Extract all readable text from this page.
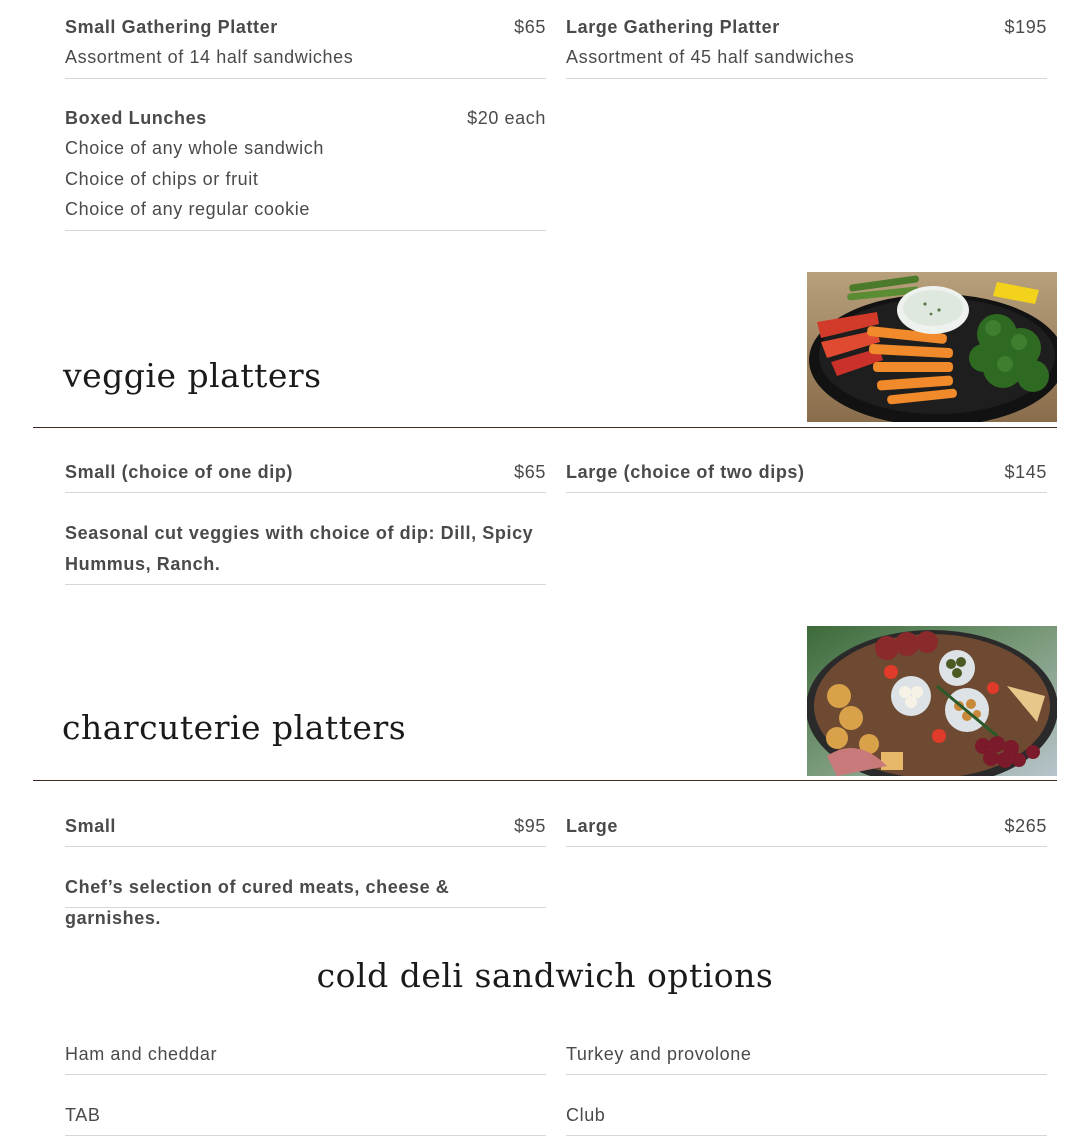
Small Gathering Platter	$65
Assortment of 14 half sandwiches
Large Gathering Platter	$195
Assortment of 45 half sandwiches
Boxed Lunches	$20 each
Choice of any whole sandwich
Choice of chips or fruit
Choice of any regular cookie
veggie platters
Small (choice of one dip)	$65 Large (choice of two dips)	$145
Seasonal cut veggies with choice of dip: Dill, Spicy Hummus, Ranch.
charcuterie platters
Small	$95 Large	$265
Chef’s selection of cured meats, cheese & garnishes.
cold deli sandwich options
Ham and cheddar	Turkey and provolone
TAB	Club
